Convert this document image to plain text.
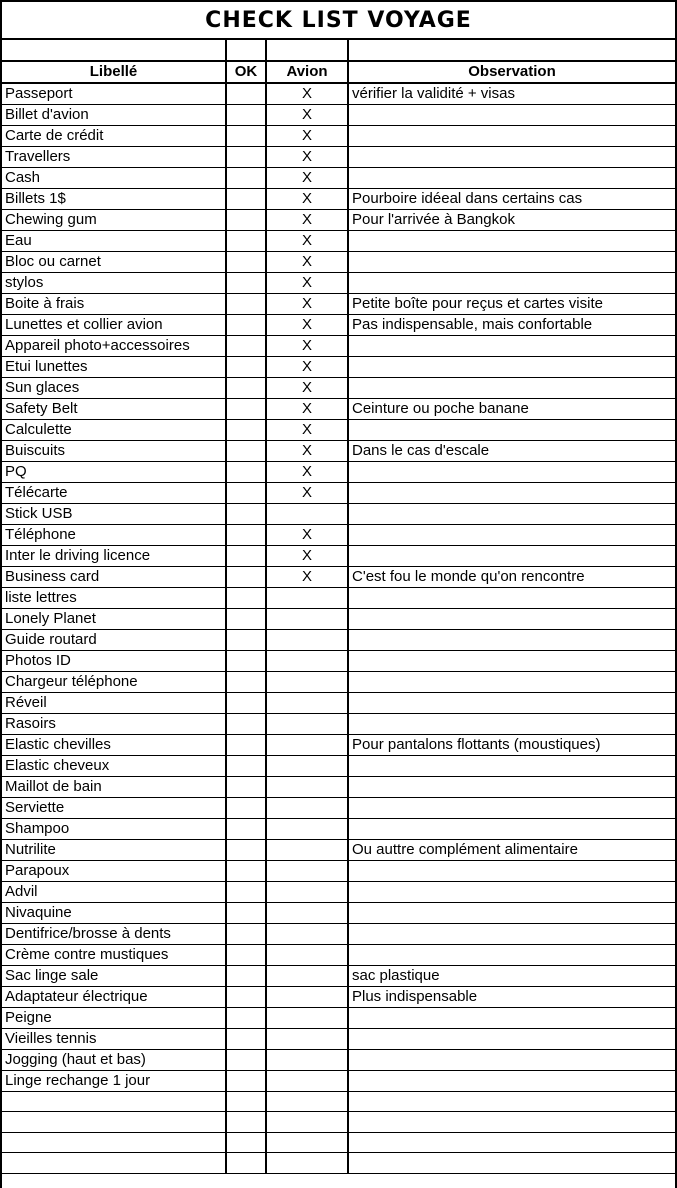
CHECK LIST VOYAGE

Libellé	OK	Avion	Observation
Passeport		X	vérifier la validité + visas
Billet d'avion		X	
Carte de crédit		X	
Travellers		X	
Cash		X	
Billets 1$		X	Pourboire idéeal dans certains cas
Chewing gum		X	Pour l'arrivée à Bangkok
Eau		X	
Bloc ou carnet		X	
stylos		X	
Boite à frais		X	Petite boîte pour reçus et cartes visite
Lunettes et collier avion		X	Pas indispensable, mais confortable
Appareil photo+accessoires		X	
Etui lunettes		X	
Sun glaces		X	
Safety Belt		X	Ceinture ou poche banane
Calculette		X	
Buiscuits		X	Dans le cas d'escale
PQ		X	
Télécarte		X	
Stick USB			
Téléphone		X	
Inter le driving licence		X	
Business card		X	C'est fou le monde qu'on rencontre
liste lettres			
Lonely Planet			
Guide routard			
Photos ID			
Chargeur téléphone			
Réveil			
Rasoirs			
Elastic chevilles			Pour pantalons flottants (moustiques)
Elastic cheveux			
Maillot de bain			
Serviette			
Shampoo			
Nutrilite			Ou auttre complément alimentaire
Parapoux			
Advil			
Nivaquine			
Dentifrice/brosse à dents			
Crème contre mustiques			
Sac linge sale			sac plastique
Adaptateur électrique			Plus indispensable
Peigne			
Vieilles tennis			
Jogging (haut et bas)			
Linge rechange 1 jour			
